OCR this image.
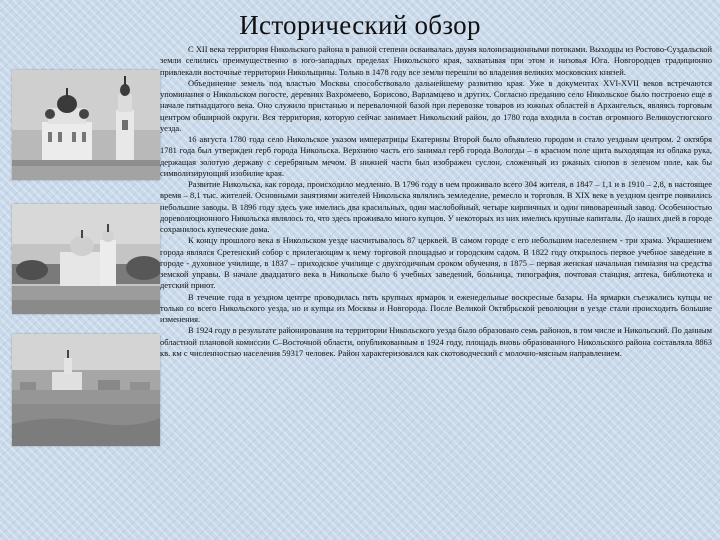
Исторический обзор

С XII века территория Никольского района в равной степени осваивалась двумя колонизационными потоками. Выходцы из Ростово-Суздальской земли селились преимущественно в юго-западных пределах Никольского края, захватывая при этом и низовья Юга. Новгородцев традиционно привлекали восточные территории Никольщины. Только в 1478 году все земли перешли во владения великих московских князей.

Объединение земель под властью Москвы способствовало дальнейшему развитию края. Уже в документах XVI-XVII веков встречаются упоминания о Никольском погосте, деревнях Вахромеево, Борисово, Варламцево и других. Согласно преданию село Никольское было построено еще в начале пятнадцатого века. Оно служило пристанью и перевалочной базой при перевозке товаров из южных областей в Архангельск, являясь торговым центром обширной округи. Вся территория, которую сейчас занимает Никольский район, до 1780 года входила в состав огромного Великоустюгского уезда.

16 августа 1780 года село Никольское указом императрицы Екатерины Второй было объявлено городом и стало уездным центром. 2 октября 1781 года был утвержден герб города Никольска. Верхнюю часть его занимал герб города Вологды – в красном поле щита выходящая из облака рука, держащая золотую державу с серебряным мечом. В нижней части был изображен суслон, сложенный из ржаных снопов в зеленом поле, как бы символизирующий изобилие края.

Развитие Никольска, как города, происходило медленно. В 1796 году в нем проживало всего 304 жителя, в 1847 – 1,1 и в 1910 – 2,8, в настоящее время – 8,1 тыс. жителей. Основными занятиями жителей Никольска являлись земледелие, ремесло и торговля. В XIX веке в уездном центре появились небольшие заводы. В 1896 году здесь уже имелись два красильных, один маслобойный, четыре кирпичных и один пивоваренный завод. Особенностью дореволюционного Никольска являлось то, что здесь проживало много купцов. У некоторых из них имелись крупные капиталы. До наших дней в городе сохранилось купеческие дома.

К концу прошлого века в Никольском уезде насчитывалось 87 церквей. В самом городе с его небольшим населением - три храма. Украшением города являлся Сретенский собор с прилегающим к нему торговой площадью и городским садом. В 1822 году открылось первое учебное заведение в городе - духовное училище, в 1837 – приходское училище с двухгодичным сроком обучения, в 1875 – первая женская начальная гимназия на средства земской управы. В начале двадцатого века в Никольске было 6 учебных заведений, больница, типография, почтовая станция, аптека, библиотека и детский приют.

В течение года в уездном центре проводилась пять крупных ярмарок и еженедельные воскресные базары. На ярмарки съезжались купцы не только со всего Никольского уезда, но и купцы из Москвы и Новгорода. После Великой Октябрьской революции в уезде стали происходить большие изменения.

В 1924 году в результате районирования на территории Никольского уезда было образовано семь районов, в том числе и Никольский. По данным областной плановой комиссии С–Восточной области, опубликованным в 1924 году, площадь вновь образованного Никольского района составляла 8863 кв. км с численностью населения 59317 человек. Район характеризовался как скотоводческий с молочно-мясным направлением.
